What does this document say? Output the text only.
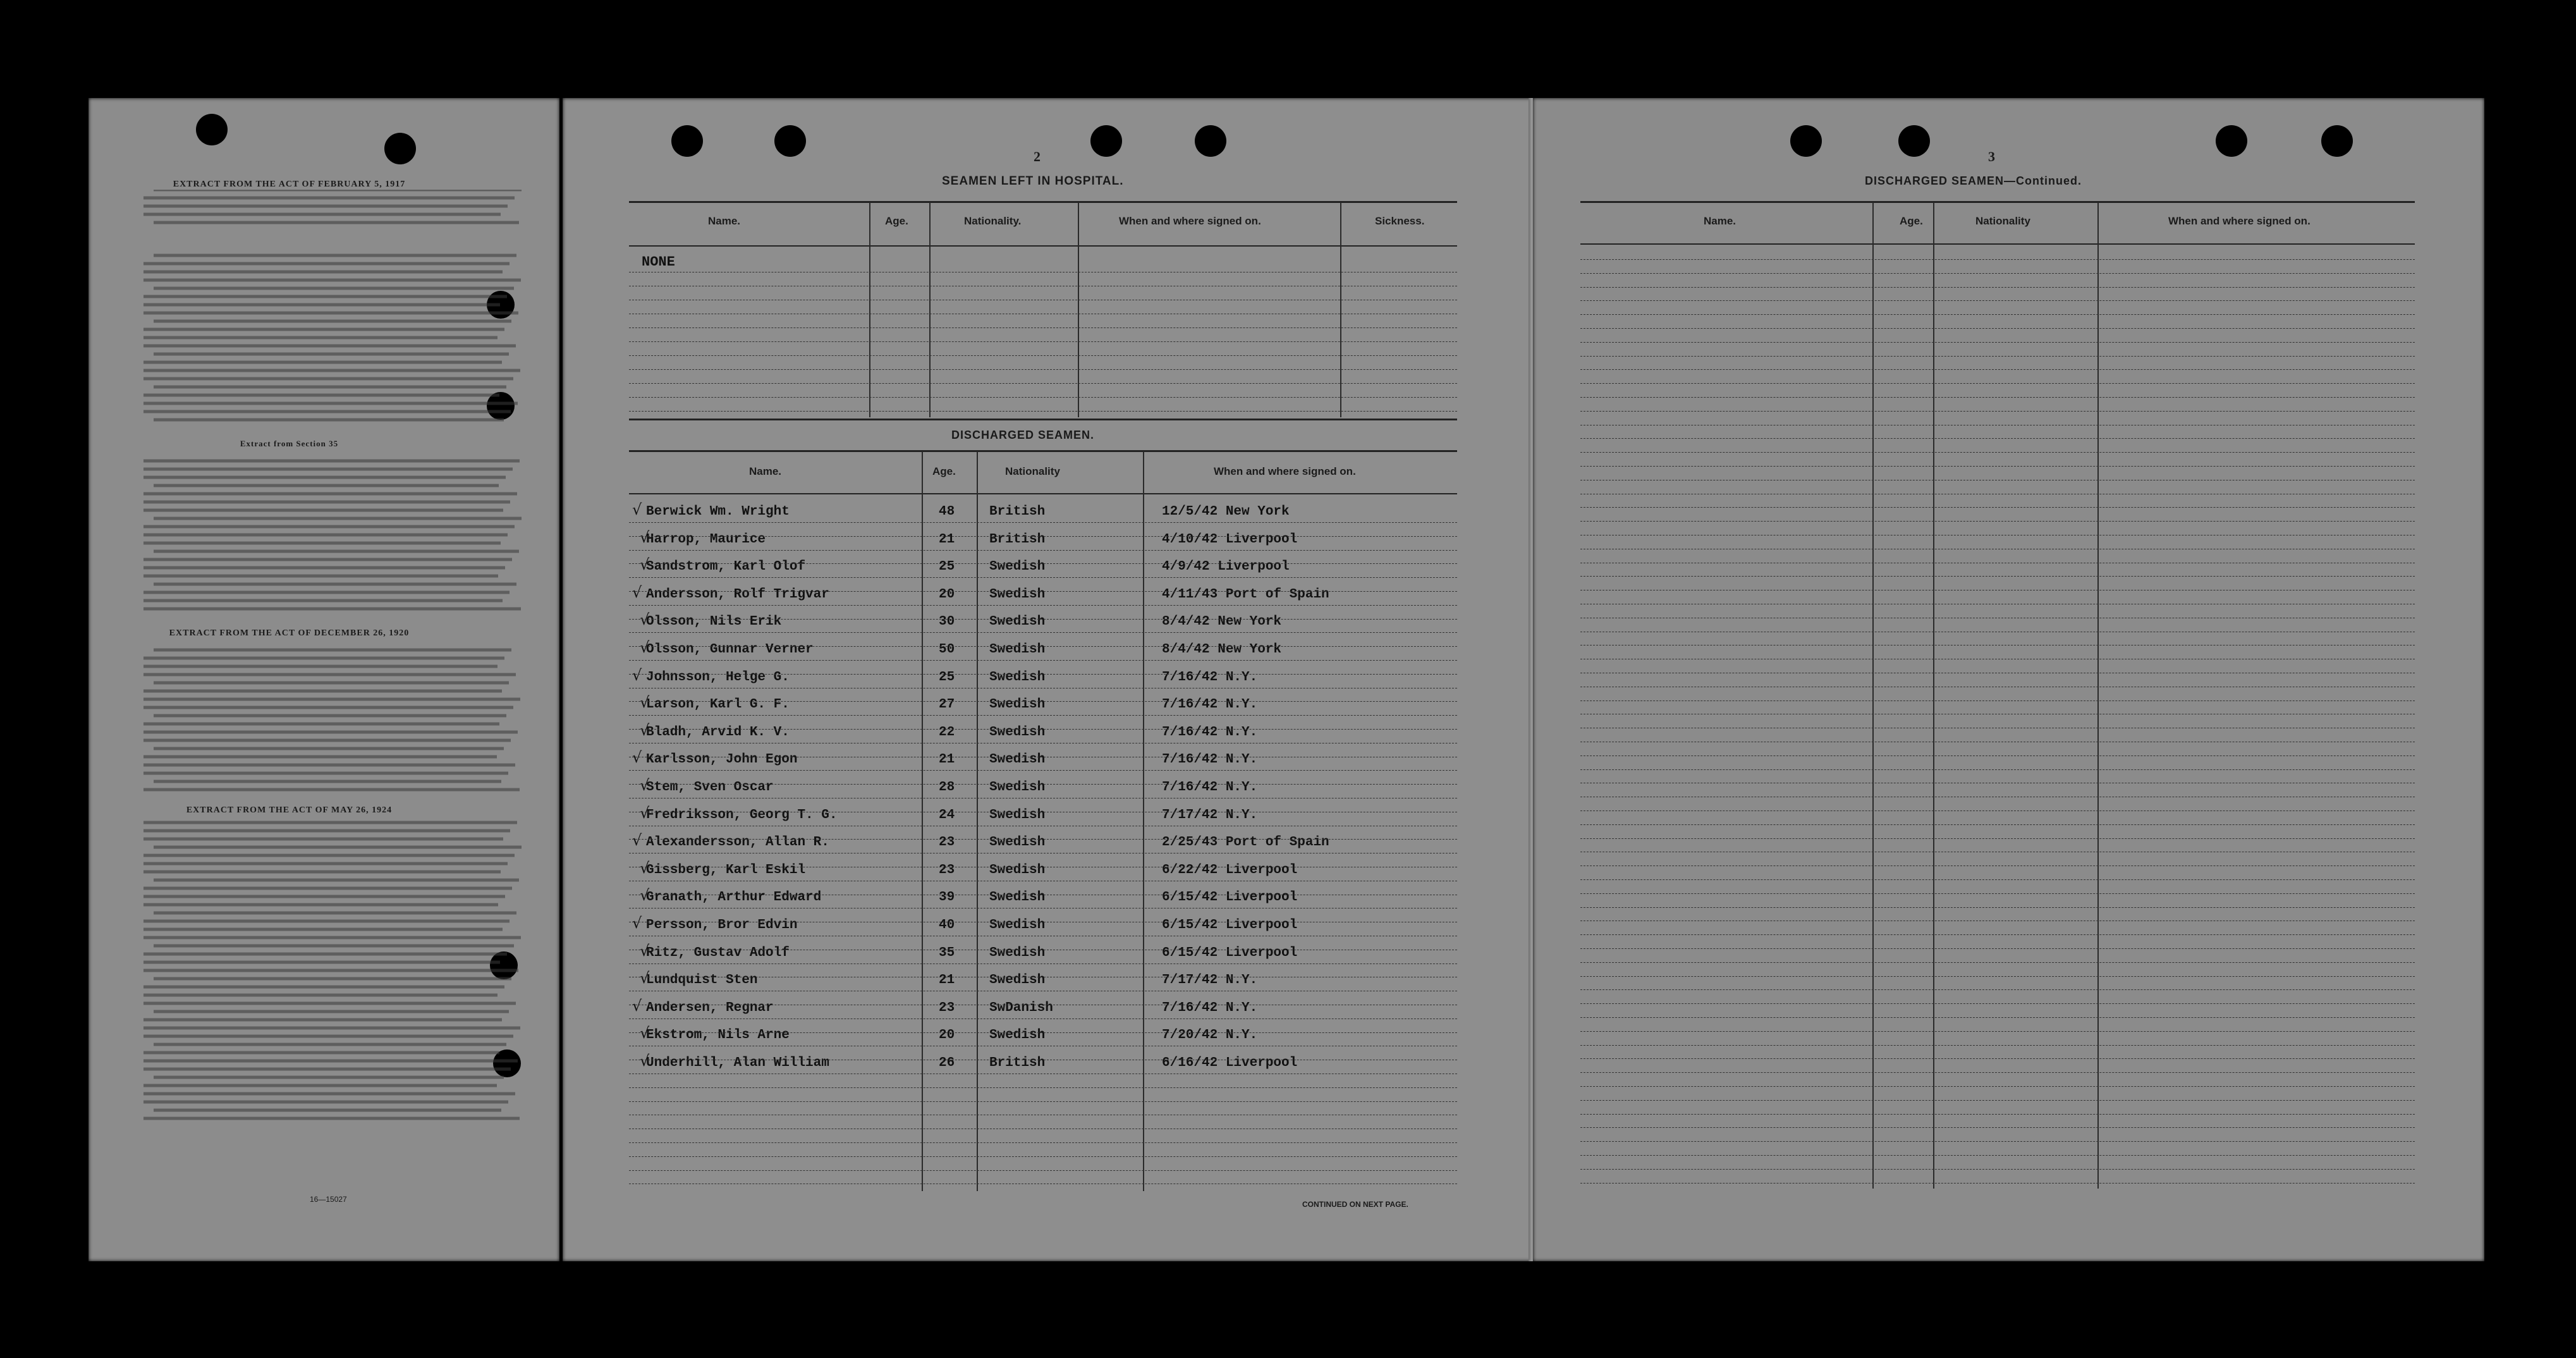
EXTRACT FROM THE ACT OF FEBRUARY 5, 1917
Extract from Section 35
EXTRACT FROM THE ACT OF DECEMBER 26, 1920
EXTRACT FROM THE ACT OF MAY 26, 1924
16—15027
2
SEAMEN LEFT IN HOSPITAL.
Name.	Age.	Nationality.	When and where signed on.	Sickness.
NONE
DISCHARGED SEAMEN.
Name.	Age.	Nationality	When and where signed on.
√ Berwick Wm. Wright	48	British	12/5/42 New York
√
Harrop, Maurice	21	British	4/10/42 Liverpool
√
Sandstrom, Karl Olof	25	Swedish	4/9/42 Liverpool
√ Andersson, Rolf Trigvar	20	Swedish	4/11/43 Port of Spain
√
Olsson, Nils Erik	30	Swedish	8/4/42 New York
√
Olsson, Gunnar Verner	50	Swedish	8/4/42 New York
√ Johnsson, Helge G.	25	Swedish	7/16/42 N.Y.
√
Larson, Karl G. F.	27	Swedish	7/16/42 N.Y.
√
Bladh, Arvid K. V.	22	Swedish	7/16/42 N.Y.
√ Karlsson, John Egon	21	Swedish	7/16/42 N.Y.
√
Stem, Sven Oscar	28	Swedish	7/16/42 N.Y.
√
Fredriksson, Georg T. G.	24	Swedish	7/17/42 N.Y.
√ Alexandersson, Allan R.	23	Swedish	2/25/43 Port of Spain
√
Gissberg, Karl Eskil	23	Swedish	6/22/42 Liverpool
√
Granath, Arthur Edward	39	Swedish	6/15/42 Liverpool
√ Persson, Bror Edvin	40	Swedish	6/15/42 Liverpool
√
Ritz, Gustav Adolf	35	Swedish	6/15/42 Liverpool
√
Lundquist Sten	21	Swedish	7/17/42 N.Y.
√ Andersen, Regnar	23	SwDanish	7/16/42 N.Y.
√
Ekstrom, Nils Arne	20	Swedish	7/20/42 N.Y.
√
Underhill, Alan William	26	British	6/16/42 Liverpool
CONTINUED ON NEXT PAGE.
3
DISCHARGED SEAMEN—Continued.
Name.	Age.	Nationality	When and where signed on.
